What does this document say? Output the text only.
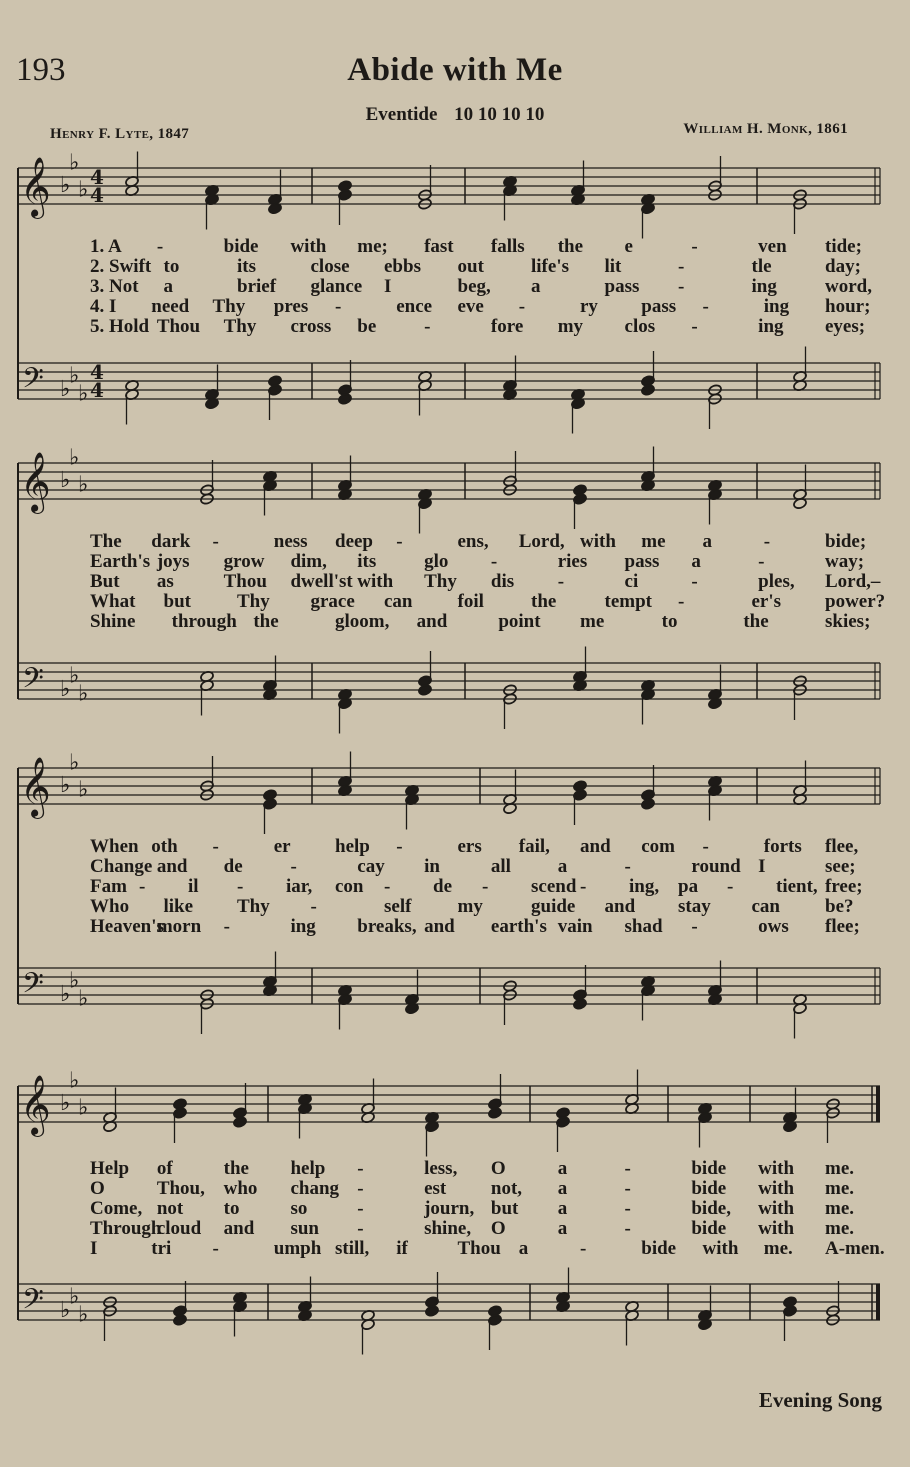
193	Abide with Me
Eventide 10 10 10 10
Henry F. Lyte, 1847	William H. Monk, 1861
𝄞 ♭
♭
♭
4
4
𝄢 ♭
♭
♭
4
4
1. A -	bide with me; fast falls the e	-	ven tide;
2. Swift to	its	close ebbs out life's lit	-	tle	day;
3. Not a	brief glance I	beg, a	pass -	ing	word,
4. I need Thy pres -	ence eve -	ry pass -	ing hour;
5. Hold Thou Thy cross be	-	fore my clos -	ing eyes;
𝄞 ♭
♭
♭
𝄢 ♭
♭
♭
The dark -	ness deep -	ens, Lord, with me a	-	bide;
Earth's joys grow dim, its	glo -	ries pass a	-	way;
But as	Thou dwell'st with Thy dis -	ci	-	ples, Lord,–
What but Thy grace can foil the	tempt -	er's power?
Shine through the	gloom, and	point me	to	the	skies;
𝄞 ♭
♭
♭
𝄢 ♭
♭
♭
When oth -	er help -	ers fail, and com -	forts flee,
Change and de	-	cay in	all a	-	round I	see;
Fam - il - iar, con - de - scend - ing, pa - tient, free;
Who like Thy -	self my	guide and stay can be?
Heaven's
morn -	ing breaks, and earth's vain shad -	ows flee;
𝄞 ♭
♭
♭
𝄢 ♭
♭
♭
Help of	the help -	less, O	a	-	bide with me.
O	Thou, who chang -	est not, a	-	bide with me.
Come, not to	so	-	journ, but a	-	bide, with me.
Through
cloud and sun -	shine, O	a	-	bide with me.
I	tri -	umph still, if	Thou a	-	bide with me. A-men.
Evening Song
